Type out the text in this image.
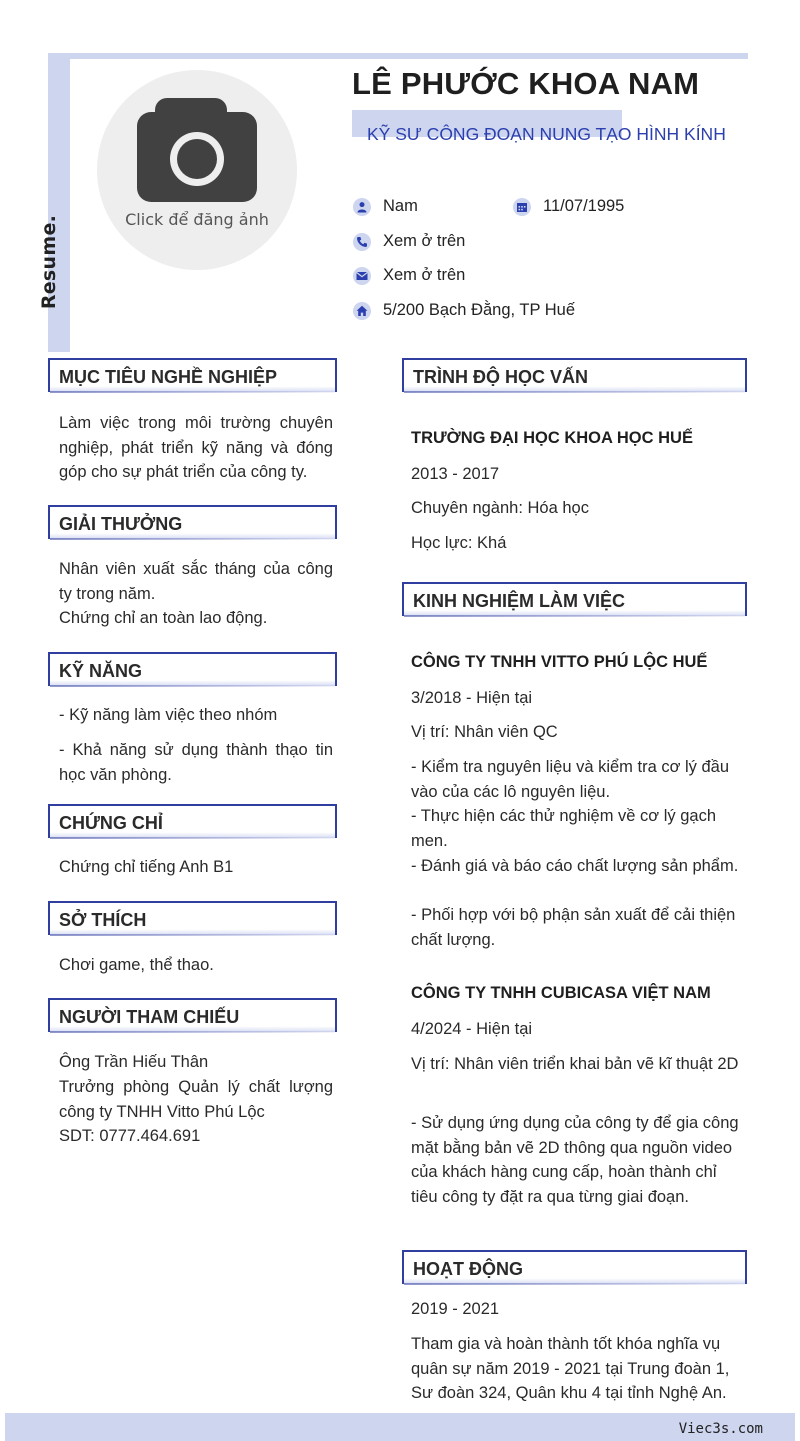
Resume.	Click để đăng ảnh
LÊ PHƯỚC KHOA NAM
KỸ SƯ CÔNG ĐOẠN NUNG TẠO HÌNH KÍNH
Nam	11/07/1995
Xem ở trên
Xem ở trên
5/200 Bạch Đằng, TP Huế
MỤC TIÊU NGHỀ NGHIỆP
Làm việc trong môi trường chuyên nghiệp, phát triển kỹ năng và đóng góp cho sự phát triển của công ty.
GIẢI THƯỞNG
Nhân viên xuất sắc tháng của công ty trong năm.
Chứng chỉ an toàn lao động.
KỸ NĂNG
- Kỹ năng làm việc theo nhóm
- Khả năng sử dụng thành thạo tin học văn phòng.
CHỨNG CHỈ
Chứng chỉ tiếng Anh B1
SỞ THÍCH
Chơi game, thể thao.
NGƯỜI THAM CHIẾU
Ông Trần Hiếu Thân
Trưởng phòng Quản lý chất lượng công ty TNHH Vitto Phú Lộc
SDT: 0777.464.691
TRÌNH ĐỘ HỌC VẤN
TRƯỜNG ĐẠI HỌC KHOA HỌC HUẾ
2013 - 2017
Chuyên ngành: Hóa học
Học lực: Khá
KINH NGHIỆM LÀM VIỆC
CÔNG TY TNHH VITTO PHÚ LỘC HUẾ
3/2018 - Hiện tại
Vị trí: Nhân viên QC
- Kiểm tra nguyên liệu và kiểm tra cơ lý đầu vào của các lô nguyên liệu.
- Thực hiện các thử nghiệm về cơ lý gạch men.
- Đánh giá và báo cáo chất lượng sản phẩm.
- Phối hợp với bộ phận sản xuất để cải thiện chất lượng.
CÔNG TY TNHH CUBICASA VIỆT NAM
4/2024 - Hiện tại
Vị trí: Nhân viên triển khai bản vẽ kĩ thuật 2D
- Sử dụng ứng dụng của công ty để gia công mặt bằng bản vẽ 2D thông qua nguồn video của khách hàng cung cấp, hoàn thành chỉ tiêu công ty đặt ra qua từng giai đoạn.
HOẠT ĐỘNG
2019 - 2021
Tham gia và hoàn thành tốt khóa nghĩa vụ quân sự năm 2019 - 2021 tại Trung đoàn 1, Sư đoàn 324, Quân khu 4 tại tỉnh Nghệ An.
Viec3s.com
